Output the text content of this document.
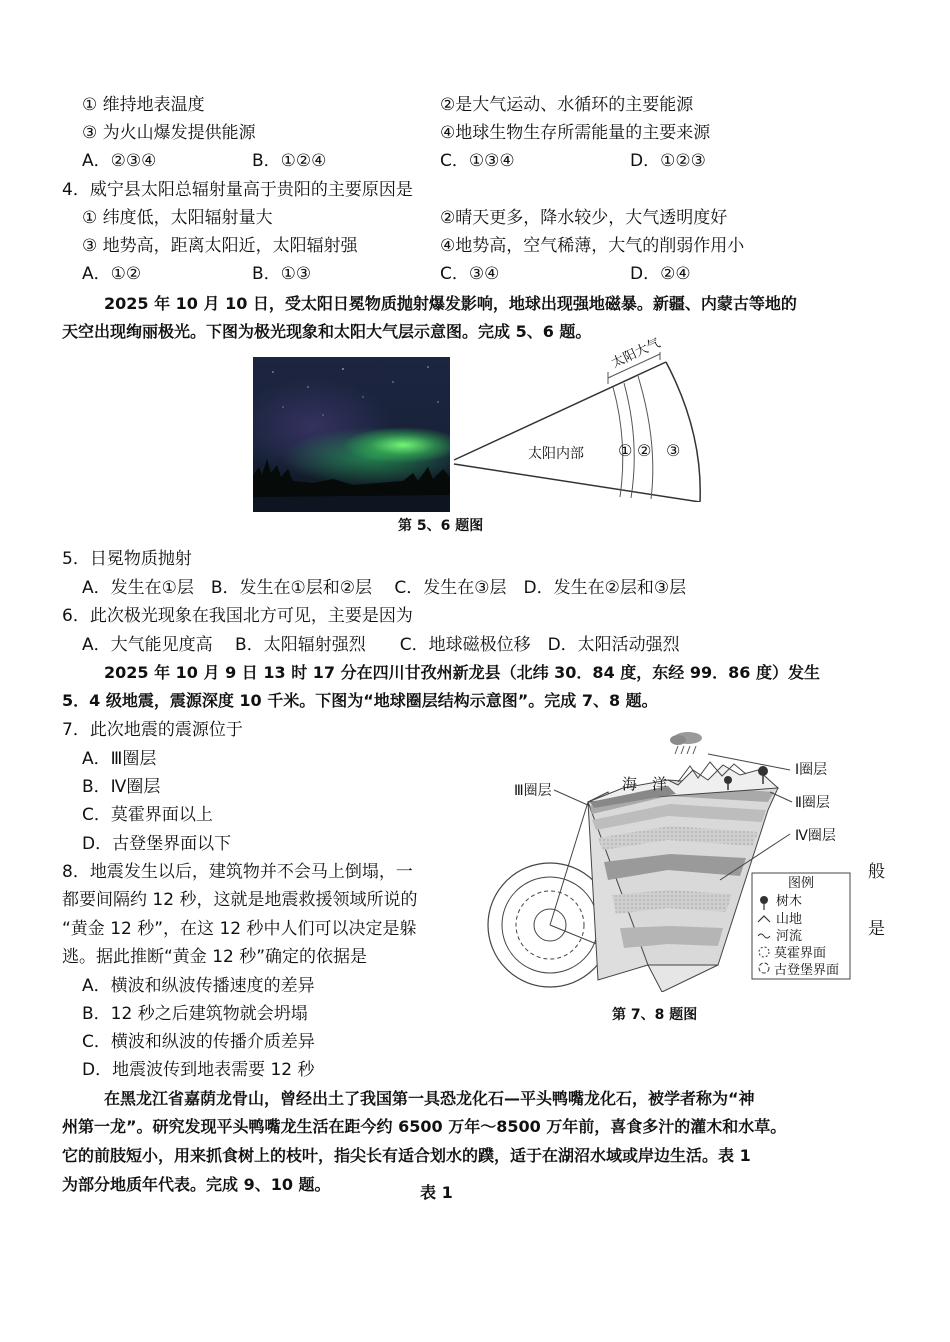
① 维持地表温度	②是大气运动、水循环的主要能源
③ 为火山爆发提供能源	④地球生物生存所需能量的主要来源
A．②③④	B．①②④	C．①③④	D．①②③
4．威宁县太阳总辐射量高于贵阳的主要原因是
① 纬度低，太阳辐射量大	②晴天更多，降水较少，大气透明度好
③ 地势高，距离太阳近，太阳辐射强	④地势高，空气稀薄，大气的削弱作用小
A．①②	B．①③	C．③④	D．②④
2025 年 10 月 10 日，受太阳日冕物质抛射爆发影响，地球出现强地磁暴。新疆、内蒙古等地的
天空出现绚丽极光。下图为极光现象和太阳大气层示意图。完成 5、6 题。
太阳大气
太阳内部 ① ② ③
第 5、6 题图
5．日冕物质抛射
A．发生在①层　B．发生在①层和②层　 C．发生在③层　D．发生在②层和③层
6．此次极光现象在我国北方可见，主要是因为
A．大气能见度高　 B．太阳辐射强烈　　C．地球磁极位移　D．太阳活动强烈
2025 年 10 月 9 日 13 时 17 分在四川甘孜州新龙县（北纬 30．84 度，东经 99．86 度）发生
5．4 级地震，震源深度 10 千米。下图为“地球圈层结构示意图”。完成 7、8 题。
7．此次地震的震源位于
A．Ⅲ圈层
B．Ⅳ圈层
C．莫霍界面以上
D．古登堡界面以下
8．地震发生以后，建筑物并不会马上倒塌，一	般
都要间隔约 12 秒，这就是地震救援领域所说的
“黄金 12 秒”，在这 12 秒中人们可以决定是躲	是
逃。据此推断“黄金 12 秒”确定的依据是
A．横波和纵波传播速度的差异
B．12 秒之后建筑物就会坍塌
C．横波和纵波的传播介质差异
D．地震波传到地表需要 12 秒
海　洋
Ⅰ圈层
Ⅱ圈层
Ⅲ圈层
Ⅳ圈层
图例
树木
山地
河流
莫霍界面
古登堡界面
第 7、8 题图
在黑龙江省嘉荫龙骨山，曾经出土了我国第一具恐龙化石—平头鸭嘴龙化石，被学者称为“神
州第一龙”。研究发现平头鸭嘴龙生活在距今约 6500 万年～8500 万年前，喜食多汁的灌木和水草。
它的前肢短小，用来抓食树上的枝叶，指尖长有适合划水的蹼，适于在湖沼水域或岸边生活。表 1
为部分地质年代表。完成 9、10 题。	表 1
